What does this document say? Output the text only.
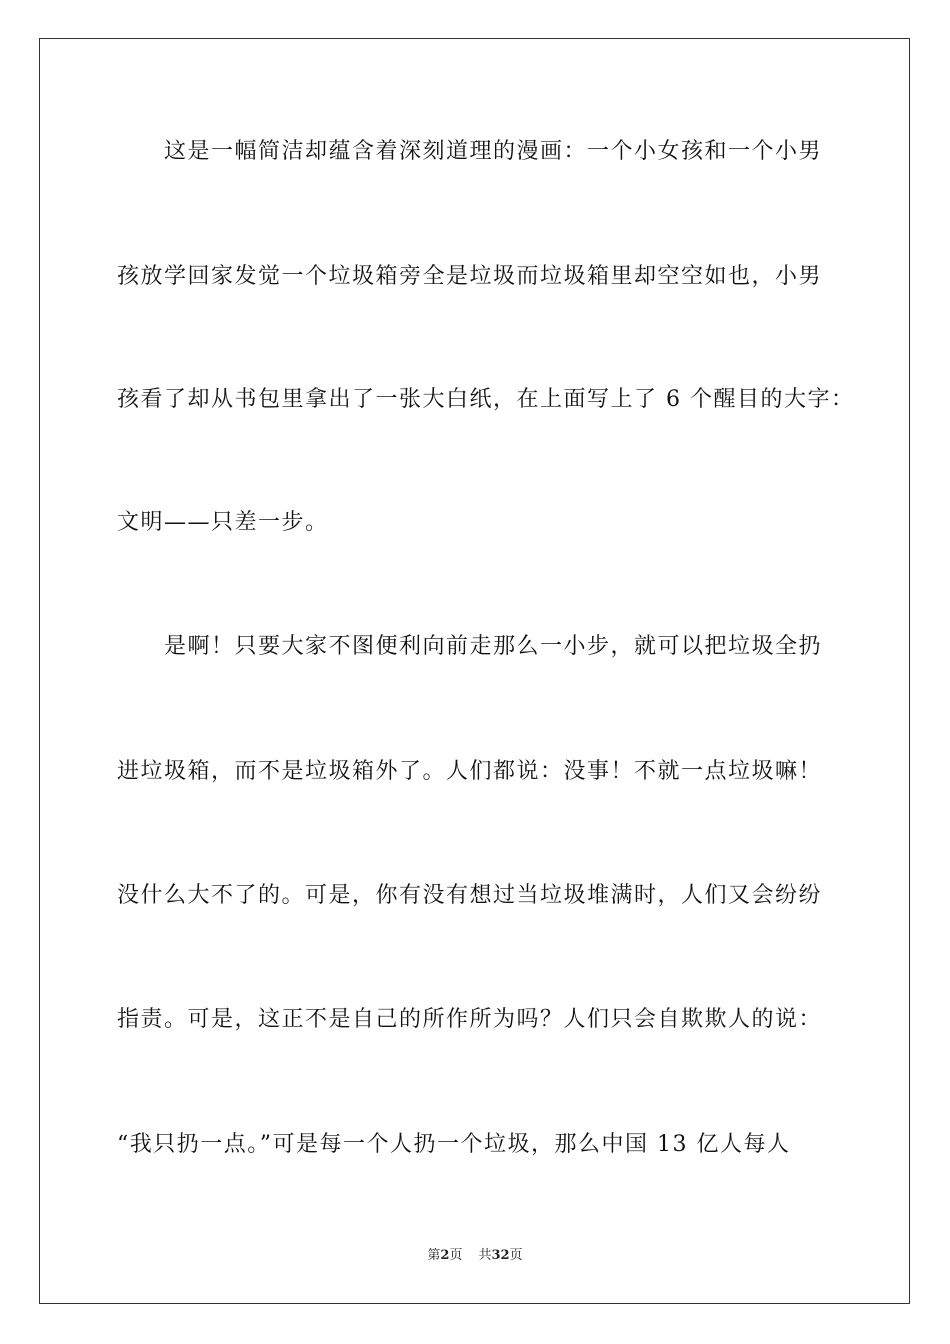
这是一幅简洁却蕴含着深刻道理的漫画：一个小女孩和一个小男
孩放学回家发觉一个垃圾箱旁全是垃圾而垃圾箱里却空空如也，小男
孩看了却从书包里拿出了一张大白纸，在上面写上了 6 个醒目的大字：
文明——只差一步。
是啊！只要大家不图便利向前走那么一小步，就可以把垃圾全扔
进垃圾箱，而不是垃圾箱外了。人们都说：没事！不就一点垃圾嘛！
没什么大不了的。可是，你有没有想过当垃圾堆满时，人们又会纷纷
指责。可是，这正不是自己的所作所为吗？人们只会自欺欺人的说：
“我只扔一点。”可是每一个人扔一个垃圾，那么中国 13 亿人每人
第2页 共32页
